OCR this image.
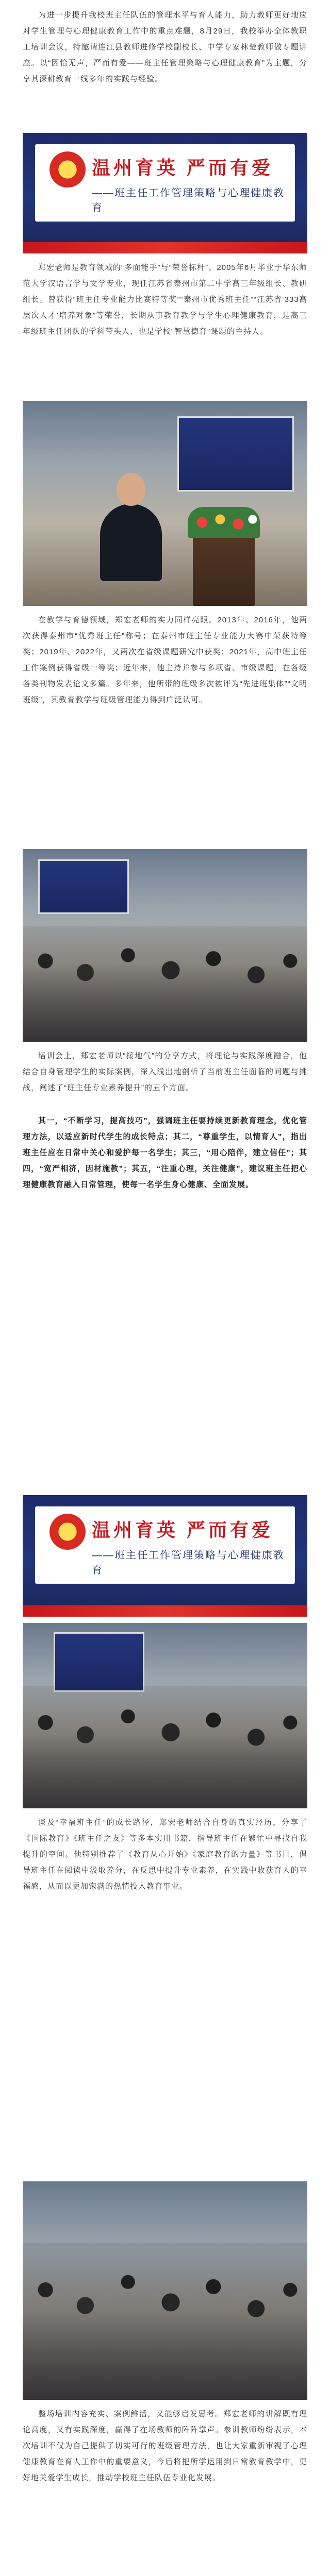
为进一步提升我校班主任队伍的管理水平与育人能力，助力教师更好地应对学生管理与心理健康教育工作中的重点难题，8月29日，我校举办全体教职工培训会议，特邀请连江县教师进修学校副校长、中学专家林楚教师做专题讲座。以“因恰无声，严而有爱——班主任管理策略与心理健康教育”为主题，分享其深耕教育一线多年的实践与经验。

温州育英 严而有爱
——班主任工作管理策略与心理健康教育

郑宏老师是教育领域的“多面能手”与“荣誉标杆”。2005年6月毕业于华东师范大学汉语言学与文学专业，现任江苏省泰州市第二中学高三年级组长、教研组长。曾获得“班主任专业能力比赛特等奖”“泰州市优秀班主任”“江苏省‘333高层次人才’培养对象”等荣誉，长期从事教育教学与学生心理健康教育，是高三年级班主任团队的学科带头人，也是学校“智慧德育”课题的主持人。

在教学与育德领域，郑宏老师的实力同样亮眼。2013年、2016年，他两次获得泰州市“优秀班主任”称号；在泰州市班主任专业能力大赛中荣获特等奖；2019年、2022年，又两次在省级课题研究中获奖；2021年，高中班主任工作案例获得省级一等奖；近年来，他主持并参与多项省、市级课题，在各级各类刊物发表论文多篇。多年来，他所带的班级多次被评为“先进班集体”“文明班级”，其教育教学与班级管理能力得到广泛认可。

培训会上，郑宏老师以“接地气”的分享方式，将理论与实践深度融合，他结合自身管理学生的实际案例，深入浅出地剖析了当前班主任面临的问题与挑战，阐述了“班主任专业素养提升”的五个方面。

其一，“不断学习，提高技巧”，强调班主任要持续更新教育理念，优化管理方法，以适应新时代学生的成长特点；其二，“尊重学生，以情育人”，指出班主任应在日常中关心和爱护每一名学生；其三，“用心陪伴，建立信任”；其四，“宽严相济，因材施教”；其五，“注重心理，关注健康”，建议班主任把心理健康教育融入日常管理，使每一名学生身心健康、全面发展。

温州育英 严而有爱
——班主任工作管理策略与心理健康教育

谈及“幸福班主任”的成长路径，郑宏老师结合自身的真实经历，分享了《国际教育》《班主任之友》等多本实用书籍，指导班主任在繁忙中寻找自我提升的空间。他特别推荐了《教育从心开始》《家庭教育的力量》等书目，倡导班主任在阅读中汲取养分，在反思中提升专业素养，在实践中收获育人的幸福感，从而以更加饱满的热情投入教育事业。

整场培训内容充实、案例鲜活，又能够启发思考。郑宏老师的讲解既有理论高度，又有实践深度，赢得了在场教师的阵阵掌声。参训教师纷纷表示，本次培训不仅为自己提供了切实可行的班级管理方法，也让大家重新审视了心理健康教育在育人工作中的重要意义，今后将把所学运用到日常教育教学中，更好地关爱学生成长，推动学校班主任队伍专业化发展。
